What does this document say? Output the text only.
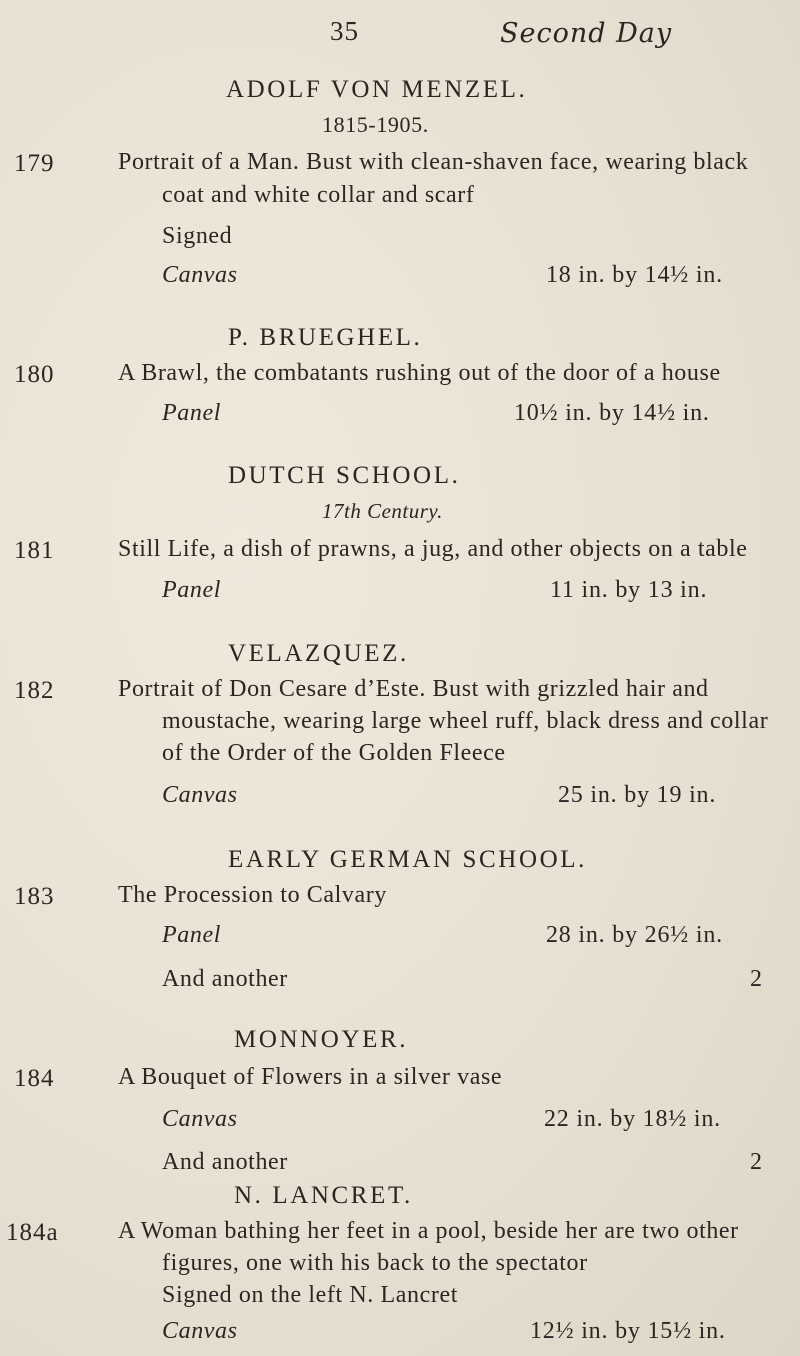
35	Second Day
ADOLF VON MENZEL.
1815-1905.
179	Portrait of a Man. Bust with clean-shaven face, wearing black
coat and white collar and scarf
Signed
Canvas	18 in. by 14½ in.
P. BRUEGHEL.
180	A Brawl, the combatants rushing out of the door of a house
Panel	10½ in. by 14½ in.
DUTCH SCHOOL.
17th Century.
181	Still Life, a dish of prawns, a jug, and other objects on a table
Panel	11 in. by 13 in.
VELAZQUEZ.
182	Portrait of Don Cesare d’Este. Bust with grizzled hair and
moustache, wearing large wheel ruff, black dress and collar
of the Order of the Golden Fleece
Canvas	25 in. by 19 in.
EARLY GERMAN SCHOOL.
183	The Procession to Calvary
Panel	28 in. by 26½ in.
And another	2
MONNOYER.
184	A Bouquet of Flowers in a silver vase
Canvas	22 in. by 18½ in.
And another	2
N. LANCRET.
184a A Woman bathing her feet in a pool, beside her are two other
figures, one with his back to the spectator
Signed on the left N. Lancret
Canvas	12½ in. by 15½ in.
